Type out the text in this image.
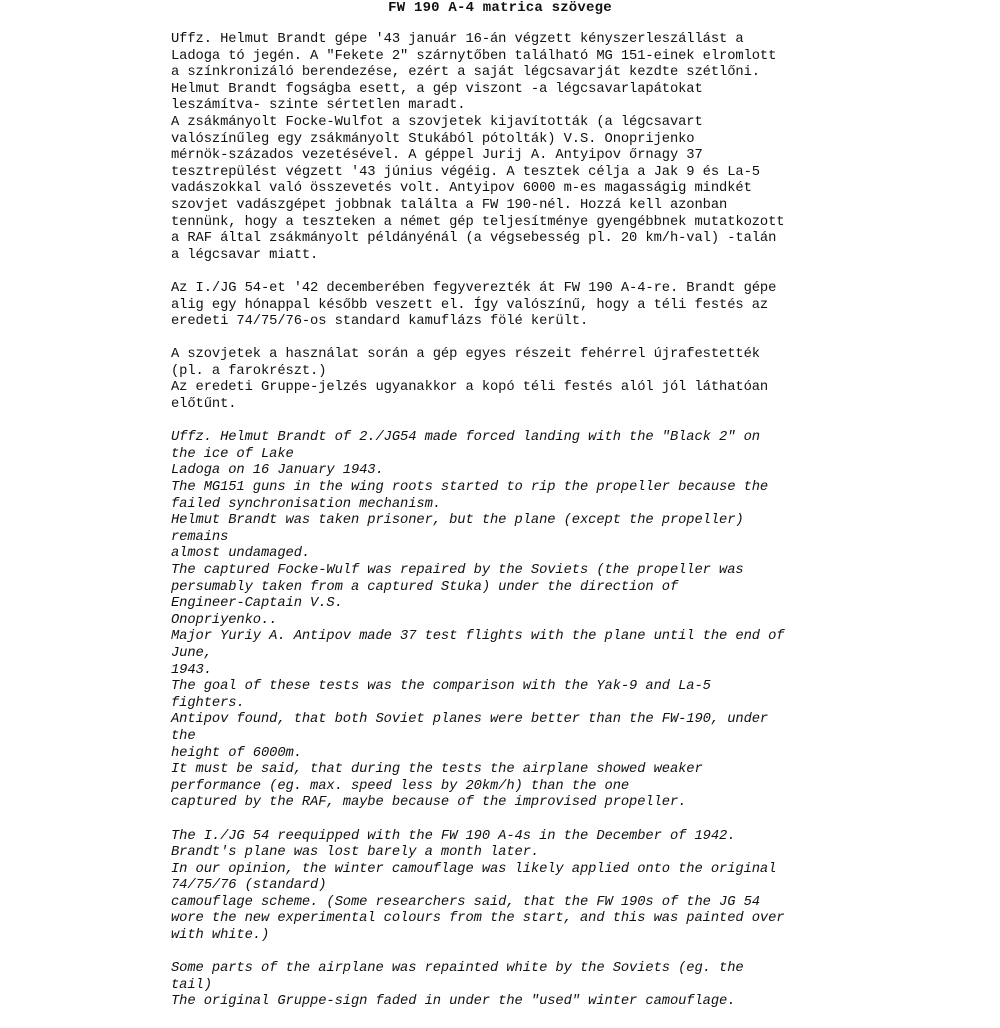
FW 190 A-4 matrica szövege
Uffz. Helmut Brandt gépe '43 január 16-án végzett kényszerleszállást a
Ladoga tó jegén. A "Fekete 2" szárnytőben található MG 151-einek elromlott
a színkronizáló berendezése, ezért a saját légcsavarját kezdte szétlőni.
Helmut Brandt fogságba esett, a gép viszont -a légcsavarlapátokat
leszámítva- szinte sértetlen maradt.
A zsákmányolt Focke-Wulfot a szovjetek kijavították (a légcsavart
valószínűleg egy zsákmányolt Stukából pótolták) V.S. Onoprijenko
mérnök-százados vezetésével. A géppel Jurij A. Antyipov őrnagy 37
tesztrepülést végzett '43 június végéig. A tesztek célja a Jak 9 és La-5
vadászokkal való összevetés volt. Antyipov 6000 m-es magasságig mindkét
szovjet vadászgépet jobbnak találta a FW 190-nél. Hozzá kell azonban
tennünk, hogy a teszteken a német gép teljesítménye gyengébbnek mutatkozott
a RAF által zsákmányolt példányénál (a végsebesség pl. 20 km/h-val) -talán
a légcsavar miatt.
Az I./JG 54-et '42 decemberében fegyverezték át FW 190 A-4-re. Brandt gépe
alig egy hónappal később veszett el. Így valószínű, hogy a téli festés az
eredeti 74/75/76-os standard kamuflázs fölé került.
A szovjetek a használat során a gép egyes részeit fehérrel újrafestették
(pl. a farokrészt.)
Az eredeti Gruppe-jelzés ugyanakkor a kopó téli festés alól jól láthatóan
előtűnt.
Uffz. Helmut Brandt of 2./JG54 made forced landing with the "Black 2" on
the ice of Lake
Ladoga on 16 January 1943.
The MG151 guns in the wing roots started to rip the propeller because the
failed synchronisation mechanism.
Helmut Brandt was taken prisoner, but the plane (except the propeller)
remains
almost undamaged.
The captured Focke-Wulf was repaired by the Soviets (the propeller was
persumably taken from a captured Stuka) under the direction of
Engineer-Captain V.S.
Onopriyenko..
Major Yuriy A. Antipov made 37 test flights with the plane until the end of
June,
1943.
The goal of these tests was the comparison with the Yak-9 and La-5
fighters.
Antipov found, that both Soviet planes were better than the FW-190, under
the
height of 6000m.
It must be said, that during the tests the airplane showed weaker
performance (eg. max. speed less by 20km/h) than the one
captured by the RAF, maybe because of the improvised propeller.
The I./JG 54 reequipped with the FW 190 A-4s in the December of 1942.
Brandt's plane was lost barely a month later.
In our opinion, the winter camouflage was likely applied onto the original
74/75/76 (standard)
camouflage scheme. (Some researchers said, that the FW 190s of the JG 54
wore the new experimental colours from the start, and this was painted over
with white.)
Some parts of the airplane was repainted white by the Soviets (eg. the
tail)
The original Gruppe-sign faded in under the "used" winter camouflage.
